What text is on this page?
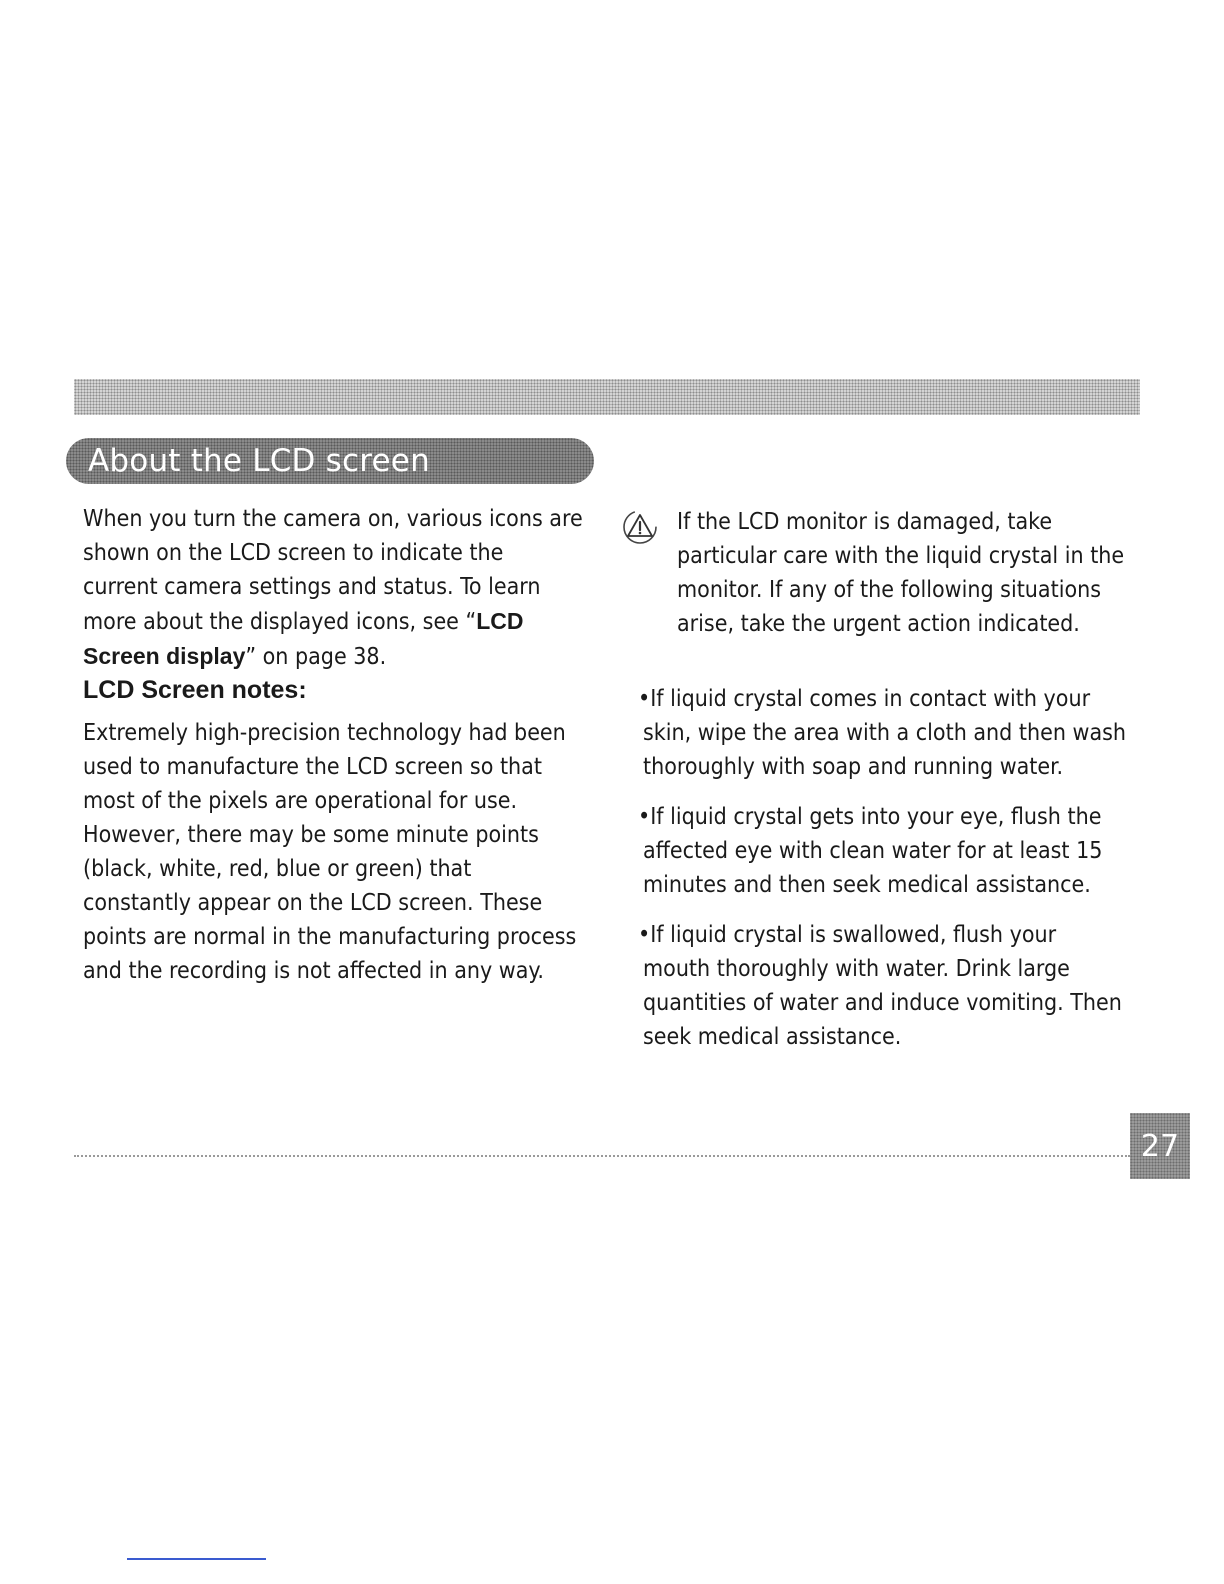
About the LCD screen
When you turn the camera on, various icons are shown on the LCD screen to indicate the current camera settings and status. To learn more about the displayed icons, see “LCD Screen display” on page 38.
LCD Screen notes:
Extremely high-precision technology had been used to manufacture the LCD screen so that most of the pixels are operational for use. However, there may be some minute points (black, white, red, blue or green) that constantly appear on the LCD screen. These points are normal in the manufacturing process and the recording is not affected in any way.
If the LCD monitor is damaged, take particular care with the liquid crystal in the monitor. If any of the following situations arise, take the urgent action indicated.
•If liquid crystal comes in contact with your skin, wipe the area with a cloth and then wash thoroughly with soap and running water.
•If liquid crystal gets into your eye, flush the affected eye with clean water for at least 15 minutes and then seek medical assistance.
•If liquid crystal is swallowed, flush your mouth thoroughly with water. Drink large quantities of water and induce vomiting. Then seek medical assistance.
27
